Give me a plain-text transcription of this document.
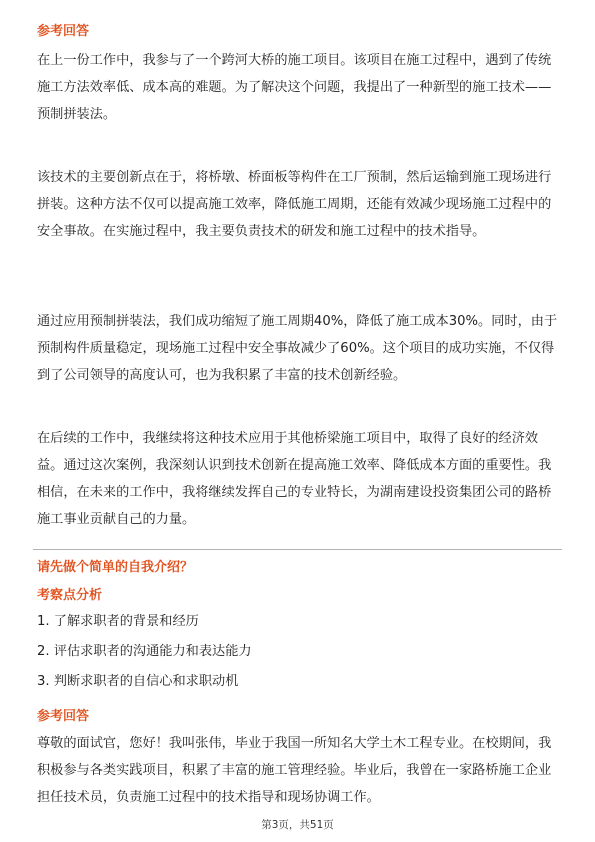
参考回答

在上一份工作中，我参与了一个跨河大桥的施工项目。该项目在施工过程中，遇到了传统施工方法效率低、成本高的难题。为了解决这个问题，我提出了一种新型的施工技术——预制拼装法。

该技术的主要创新点在于，将桥墩、桥面板等构件在工厂预制，然后运输到施工现场进行拼装。这种方法不仅可以提高施工效率，降低施工周期，还能有效减少现场施工过程中的安全事故。在实施过程中，我主要负责技术的研发和施工过程中的技术指导。

通过应用预制拼装法，我们成功缩短了施工周期40%，降低了施工成本30%。同时，由于预制构件质量稳定，现场施工过程中安全事故减少了60%。这个项目的成功实施，不仅得到了公司领导的高度认可，也为我积累了丰富的技术创新经验。

在后续的工作中，我继续将这种技术应用于其他桥梁施工项目中，取得了良好的经济效益。通过这次案例，我深刻认识到技术创新在提高施工效率、降低成本方面的重要性。我相信，在未来的工作中，我将继续发挥自己的专业特长，为湖南建设投资集团公司的路桥施工事业贡献自己的力量。

请先做个简单的自我介绍？
考察点分析

1. 了解求职者的背景和经历

2. 评估求职者的沟通能力和表达能力

3. 判断求职者的自信心和求职动机

参考回答

尊敬的面试官，您好！我叫张伟，毕业于我国一所知名大学土木工程专业。在校期间，我积极参与各类实践项目，积累了丰富的施工管理经验。毕业后，我曾在一家路桥施工企业担任技术员，负责施工过程中的技术指导和现场协调工作。

第3页，共51页
